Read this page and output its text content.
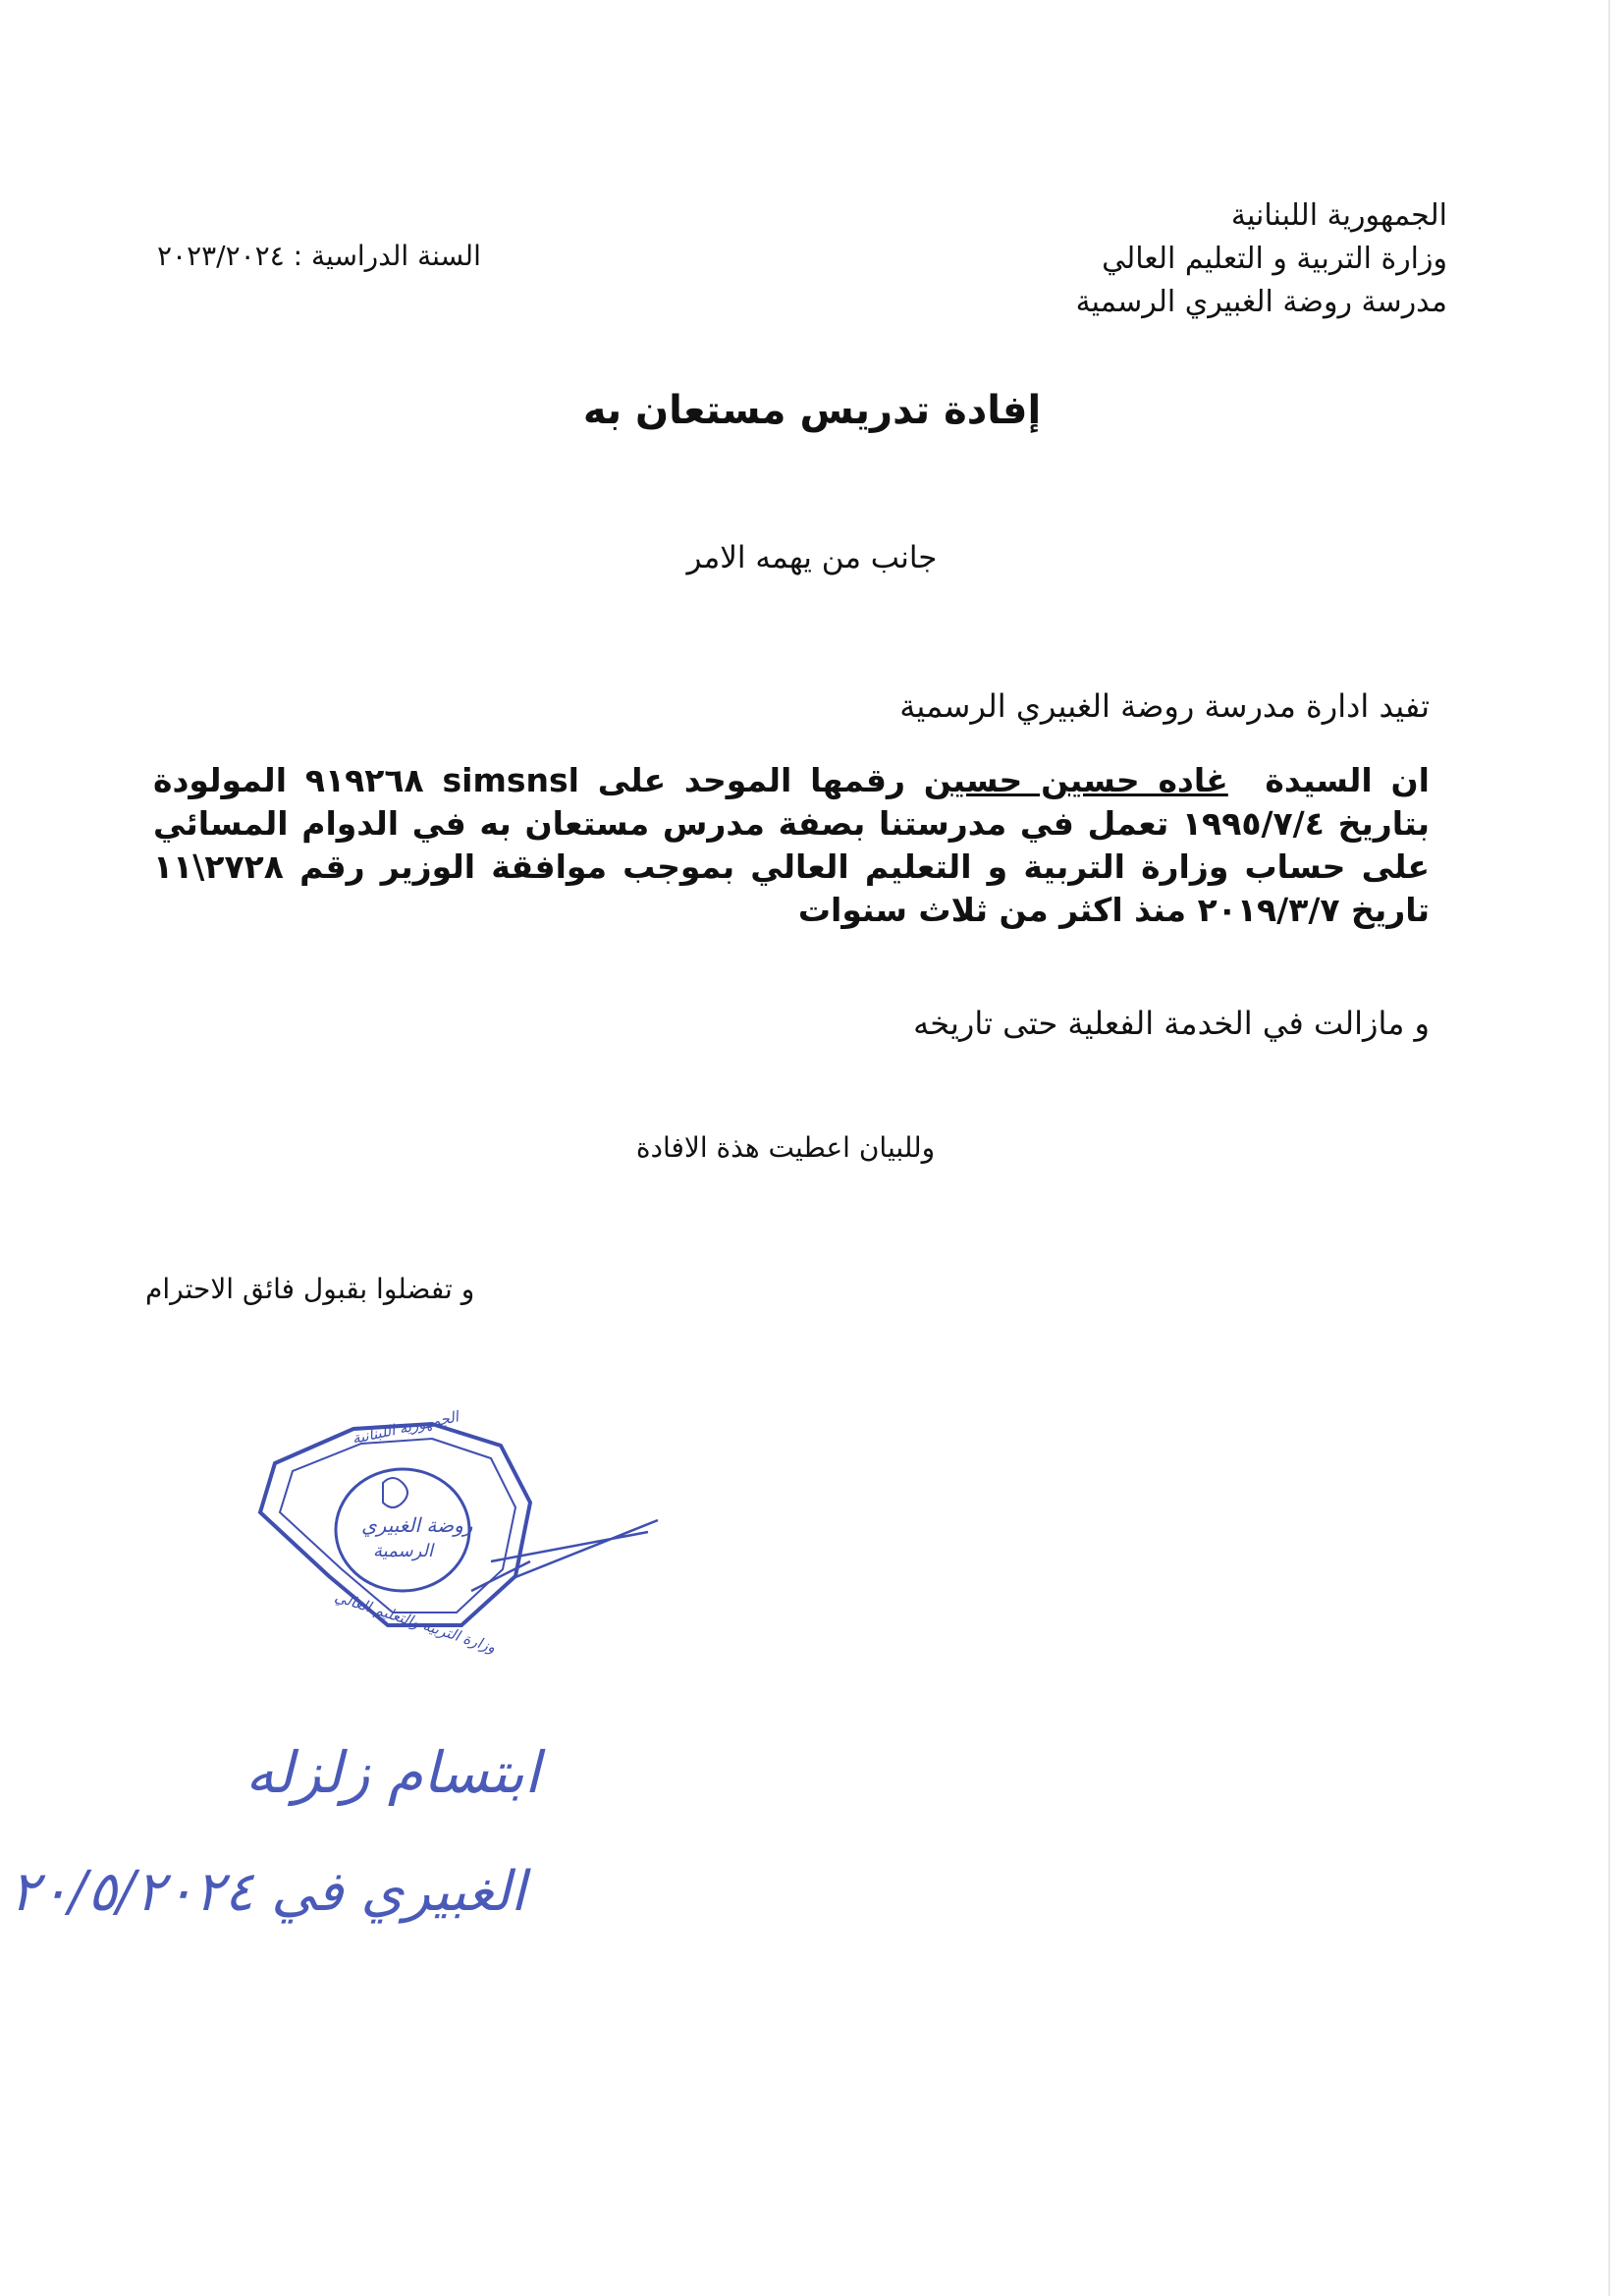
الجمهورية اللبنانية
وزارة التربية و التعليم العالي
مدرسة روضة الغبيري الرسمية
السنة الدراسية : ٢٠٢٣/٢٠٢٤
إفادة تدريس مستعان به
جانب من يهمه الامر
تفيد ادارة مدرسة روضة الغبيري الرسمية
ان السيدة  غاده حسين حسين رقمها الموحد على simsnsl ٩١٩٢٦٨ المولودة بتاريخ ١٩٩٥/٧/٤ تعمل في مدرستنا بصفة مدرس مستعان به في الدوام المسائي على حساب وزارة التربية و التعليم العالي بموجب موافقة الوزير رقم ٢٧٢٨\١١ تاريخ ٢٠١٩/٣/٧ منذ اكثر من ثلاث سنوات
و مازالت في الخدمة الفعلية حتى تاريخه
وللبيان اعطيت هذة الافادة
و تفضلوا بقبول فائق الاحترام
الجمهورية اللبنانية
وزارة التربية والتعليم العالي
روضة الغبيري
الرسمية
ابتسام زلزله
الغبيري في ٢٠/٥/٢٠٢٤
